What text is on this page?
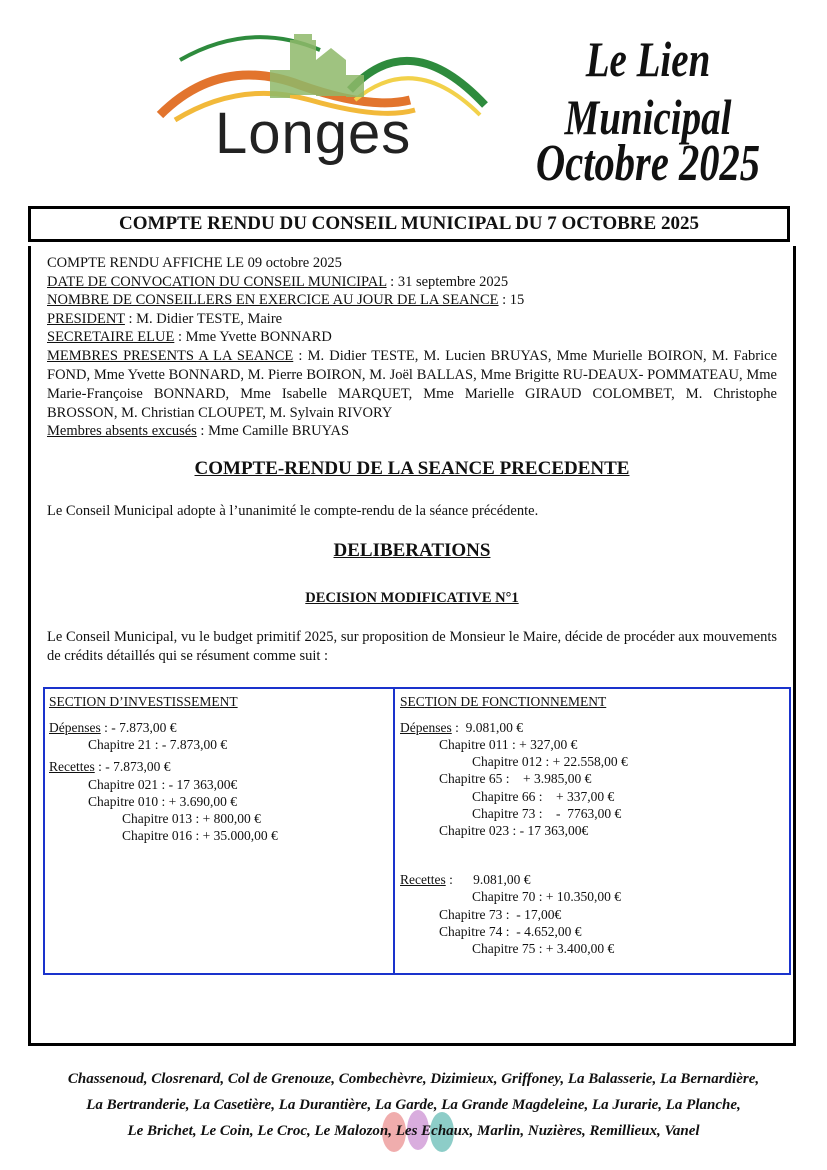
Longes
Le Lien Municipal
Octobre 2025
COMPTE RENDU DU CONSEIL MUNICIPAL DU 7 OCTOBRE 2025
COMPTE RENDU AFFICHE LE 09 octobre 2025
DATE DE CONVOCATION DU CONSEIL MUNICIPAL : 31 septembre 2025
NOMBRE DE CONSEILLERS EN EXERCICE AU JOUR DE LA SEANCE : 15
PRESIDENT : M. Didier TESTE, Maire
SECRETAIRE ELUE : Mme Yvette BONNARD
MEMBRES PRESENTS A LA SEANCE : M. Didier TESTE, M. Lucien BRUYAS, Mme Murielle BOIRON, M. Fabrice FOND, Mme Yvette BONNARD, M. Pierre BOIRON, M. Joël BALLAS, Mme Brigitte RU-DEAUX- POMMATEAU, Mme Marie-Françoise BONNARD, Mme Isabelle MARQUET, Mme Marielle GIRAUD COLOMBET, M. Christophe BROSSON, M. Christian CLOUPET, M. Sylvain RIVORY
Membres absents excusés : Mme Camille BRUYAS
COMPTE-RENDU DE LA SEANCE PRECEDENTE
Le Conseil Municipal adopte à l’unanimité le compte-rendu de la séance précédente.
DELIBERATIONS
DECISION MODIFICATIVE N°1
Le Conseil Municipal, vu le budget primitif 2025, sur proposition de Monsieur le Maire, décide de procéder aux mouvements de crédits détaillés qui se résument comme suit :
SECTION D’INVESTISSEMENT
Dépenses : - 7.873,00 €
Chapitre 21 : - 7.873,00 €
Recettes : - 7.873,00 €
Chapitre 021 : - 17 363,00€
Chapitre 010 : + 3.690,00 €
Chapitre 013 : + 800,00 €
Chapitre 016 : + 35.000,00 €
SECTION DE FONCTIONNEMENT
Dépenses :  9.081,00 €
Chapitre 011 : + 327,00 €
Chapitre 012 : + 22.558,00 €
Chapitre 65 :    + 3.985,00 €
Chapitre 66 :    + 337,00 €
Chapitre 73 :    -  7763,00 €
Chapitre 023 : - 17 363,00€
Recettes :      9.081,00 €
Chapitre 70 : + 10.350,00 €
Chapitre 73 :  - 17,00€
Chapitre 74 :  - 4.652,00 €
Chapitre 75 : + 3.400,00 €
Chassenoud, Closrenard, Col de Grenouze, Combechèvre, Dizimieux, Griffoney, La Balasserie, La Bernardière,
La Bertranderie, La Casetière, La Durantière, La Garde, La Grande Magdeleine, La Jurarie, La Planche,
Le Brichet, Le Coin, Le Croc, Le Malozon, Les Echaux, Marlin, Nuzières, Remillieux, Vanel
